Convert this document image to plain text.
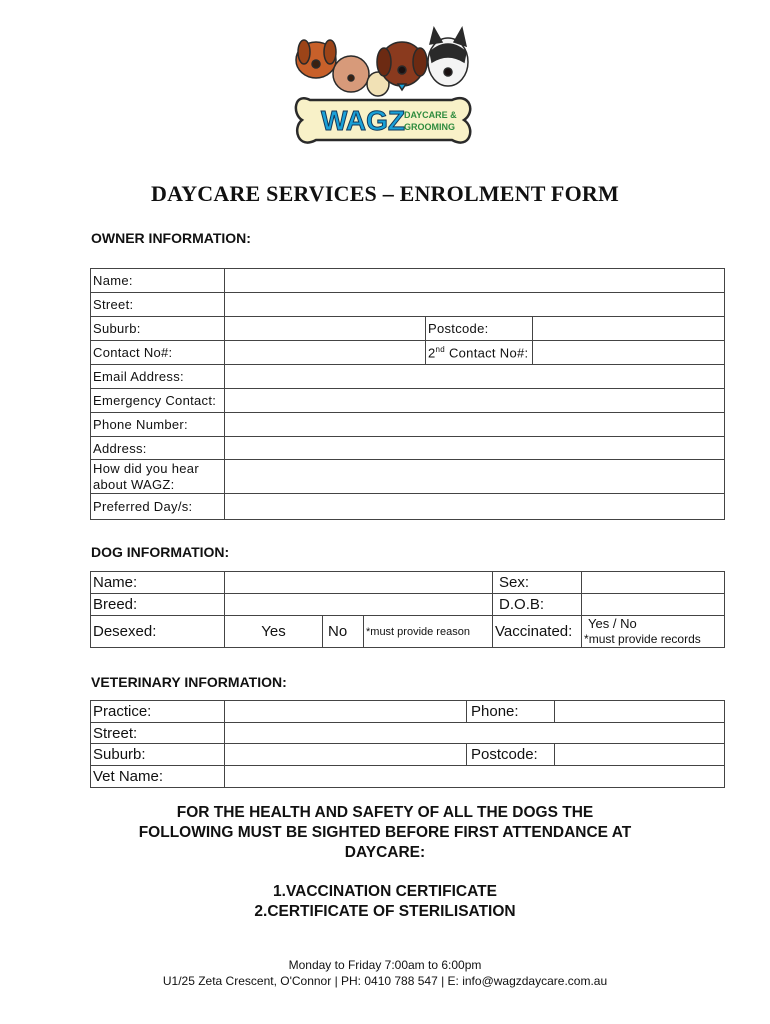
WAGZ DAYCARE &
GROOMING
DAYCARE SERVICES – ENROLMENT FORM
OWNER INFORMATION:
Name:			
Street:			
Suburb:		Postcode:	
Contact No#:		2nd Contact No#:	
Email Address:			
Emergency Contact:			
Phone Number:			
Address:			
How did you hear
about WAGZ:			
Preferred Day/s:			
DOG INFORMATION:
Name:				Sex:	
Breed:				D.O.B:	
Desexed:	Yes	No	*must provide reason	Vaccinated:	Yes / No
*must provide records
VETERINARY INFORMATION:
Practice:		Phone:	
Street:			
Suburb:		Postcode:	
Vet Name:			
FOR THE HEALTH AND SAFETY OF ALL THE DOGS THE
FOLLOWING MUST BE SIGHTED BEFORE FIRST ATTENDANCE AT
DAYCARE:
1.VACCINATION CERTIFICATE
2.CERTIFICATE OF STERILISATION
Monday to Friday 7:00am to 6:00pm
U1/25 Zeta Crescent, O'Connor | PH: 0410 788 547 | E: info@wagzdaycare.com.au
